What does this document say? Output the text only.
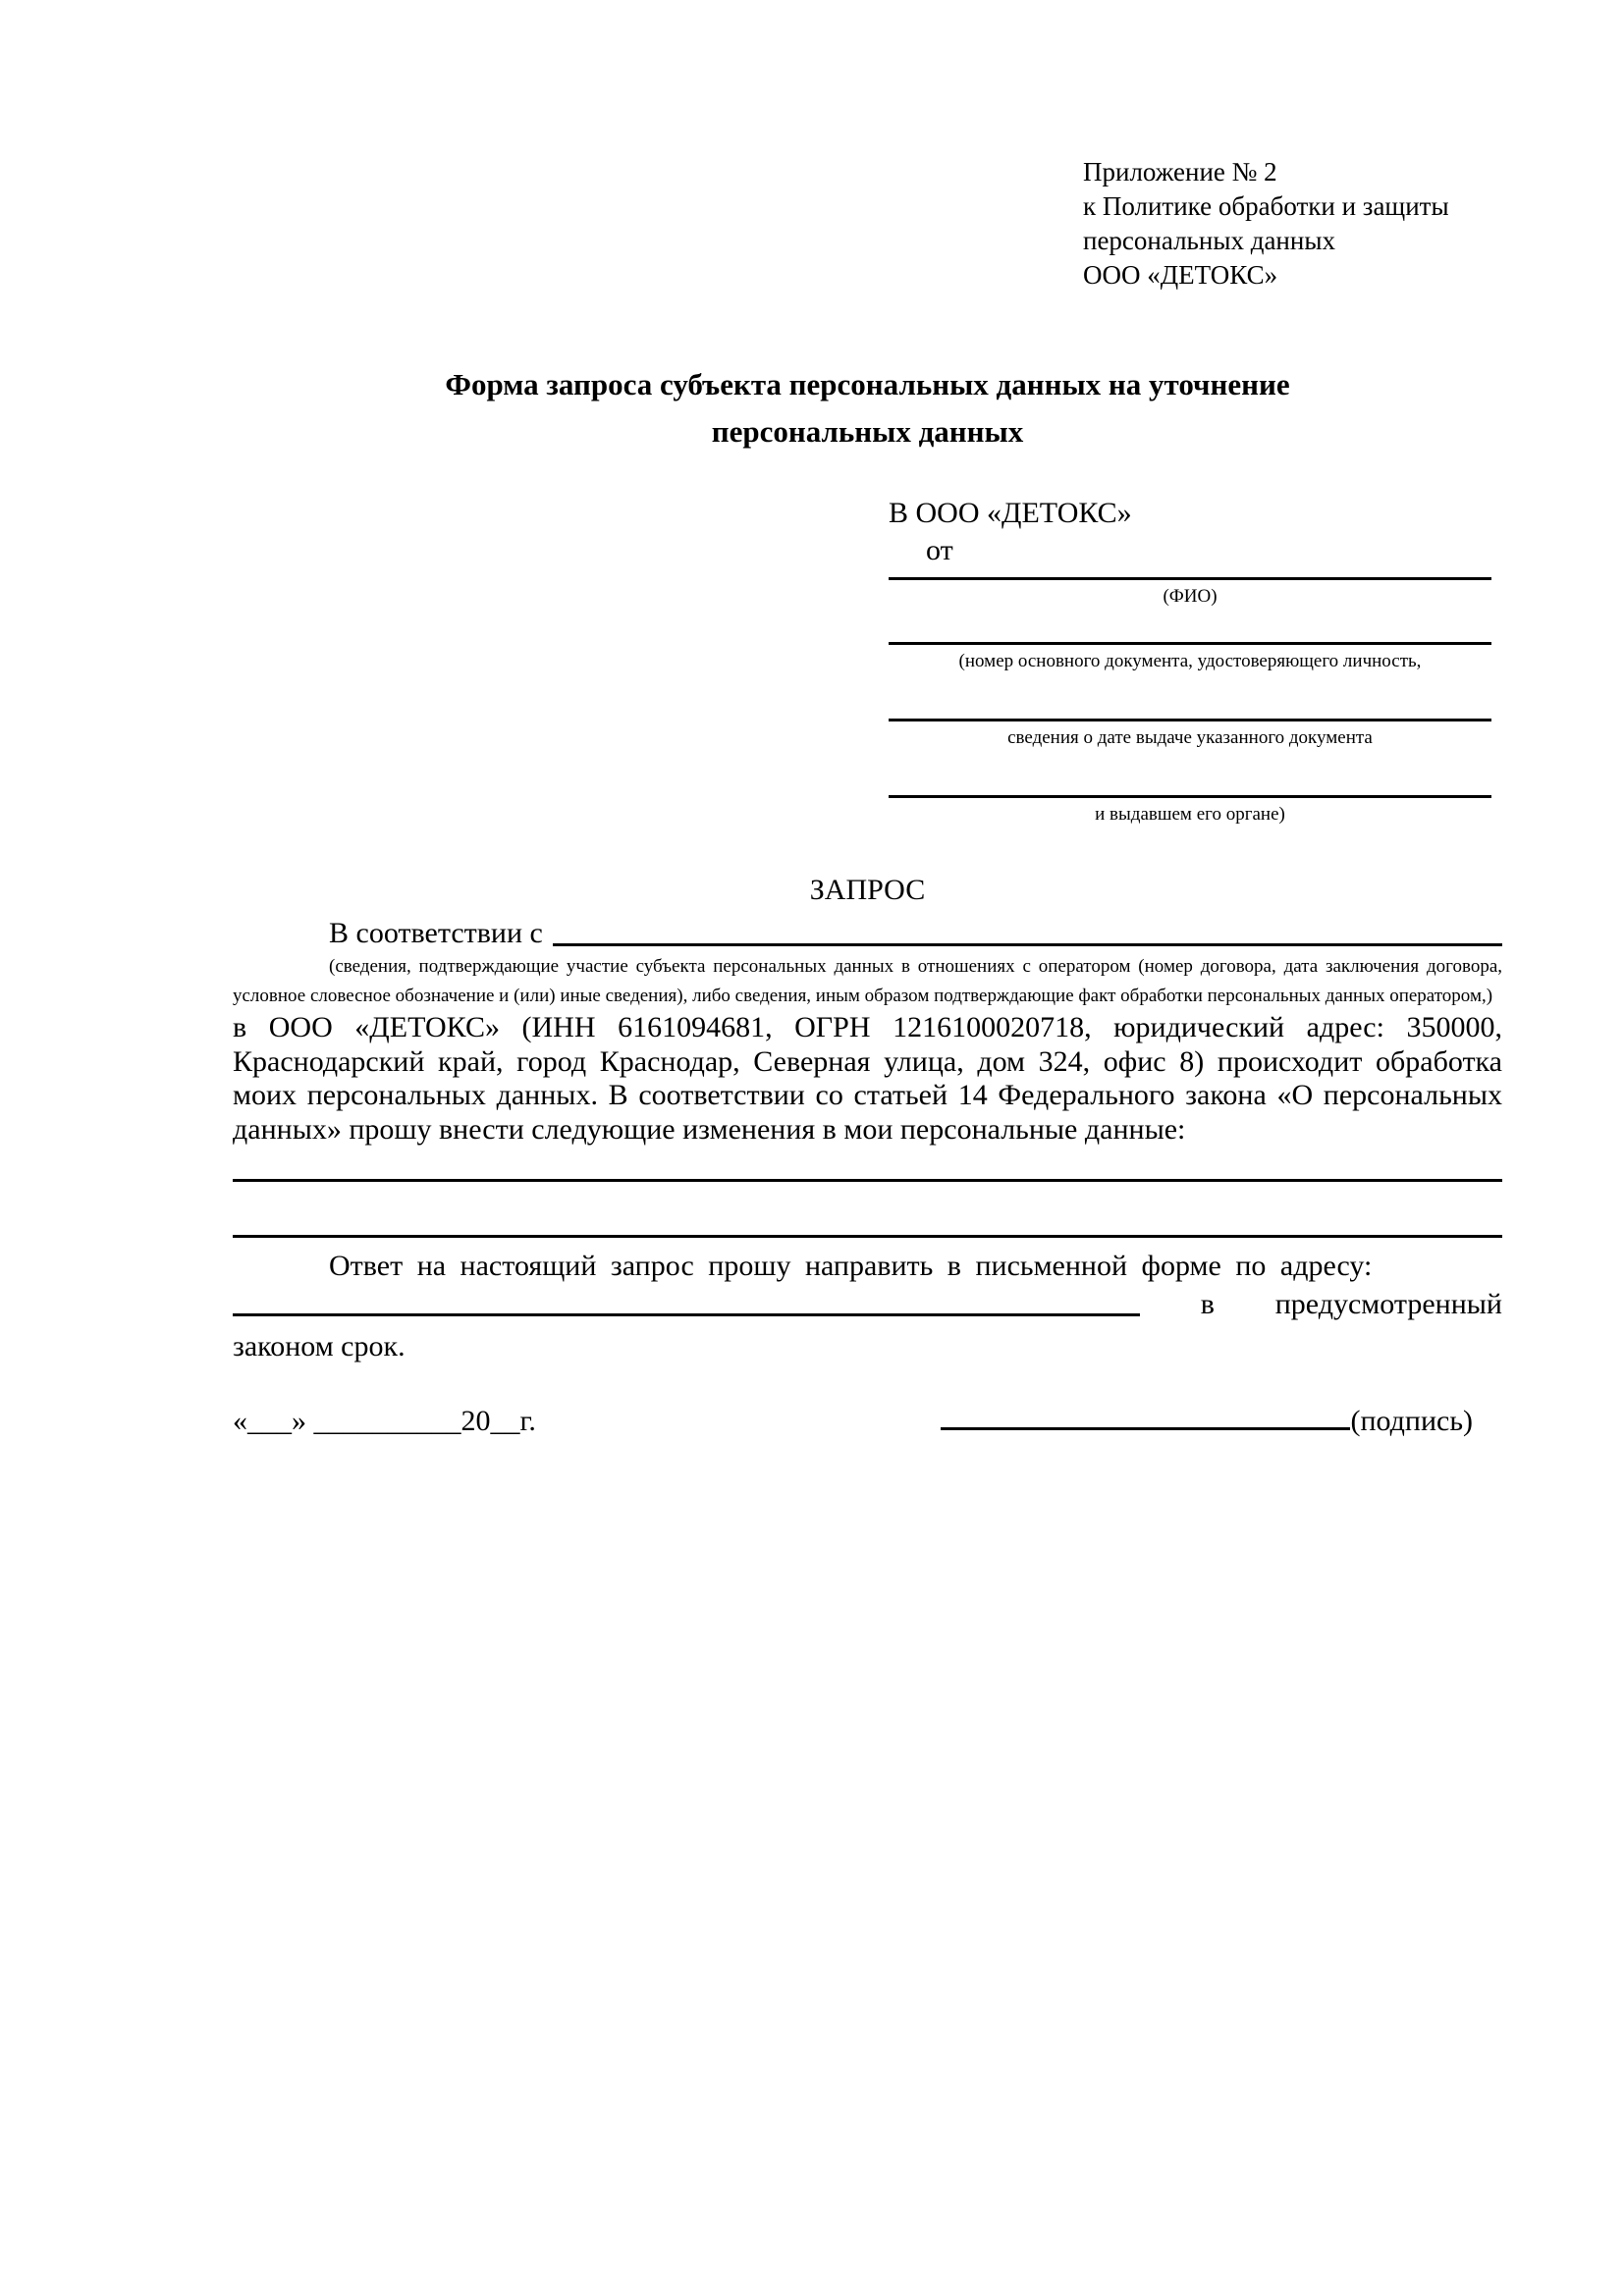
Приложение № 2
к Политике обработки и защиты
персональных данных
ООО «ДЕТОКС»
Форма запроса субъекта персональных данных на уточнение персональных данных
В ООО «ДЕТОКС»
от
(ФИО)
(номер основного документа, удостоверяющего личность,
сведения о дате выдаче указанного документа
и выдавшем его органе)
ЗАПРОС
В соответствии с
(сведения, подтверждающие участие субъекта персональных данных в отношениях с оператором (номер договора, дата заключения договора, условное словесное обозначение и (или) иные сведения), либо сведения, иным образом подтверждающие факт обработки персональных данных оператором,)
в ООО «ДЕТОКС» (ИНН 6161094681, ОГРН 1216100020718, юридический адрес: 350000, Краснодарский край, город Краснодар, Северная улица, дом 324, офис 8) происходит обработка моих персональных данных. В соответствии со статьей 14 Федерального закона «О персональных данных» прошу внести следующие изменения в мои персональные данные:
Ответ на настоящий запрос прошу направить в письменной форме по адресу:
в предусмотренный
законом срок.
«___» __________20__г.	(подпись)
